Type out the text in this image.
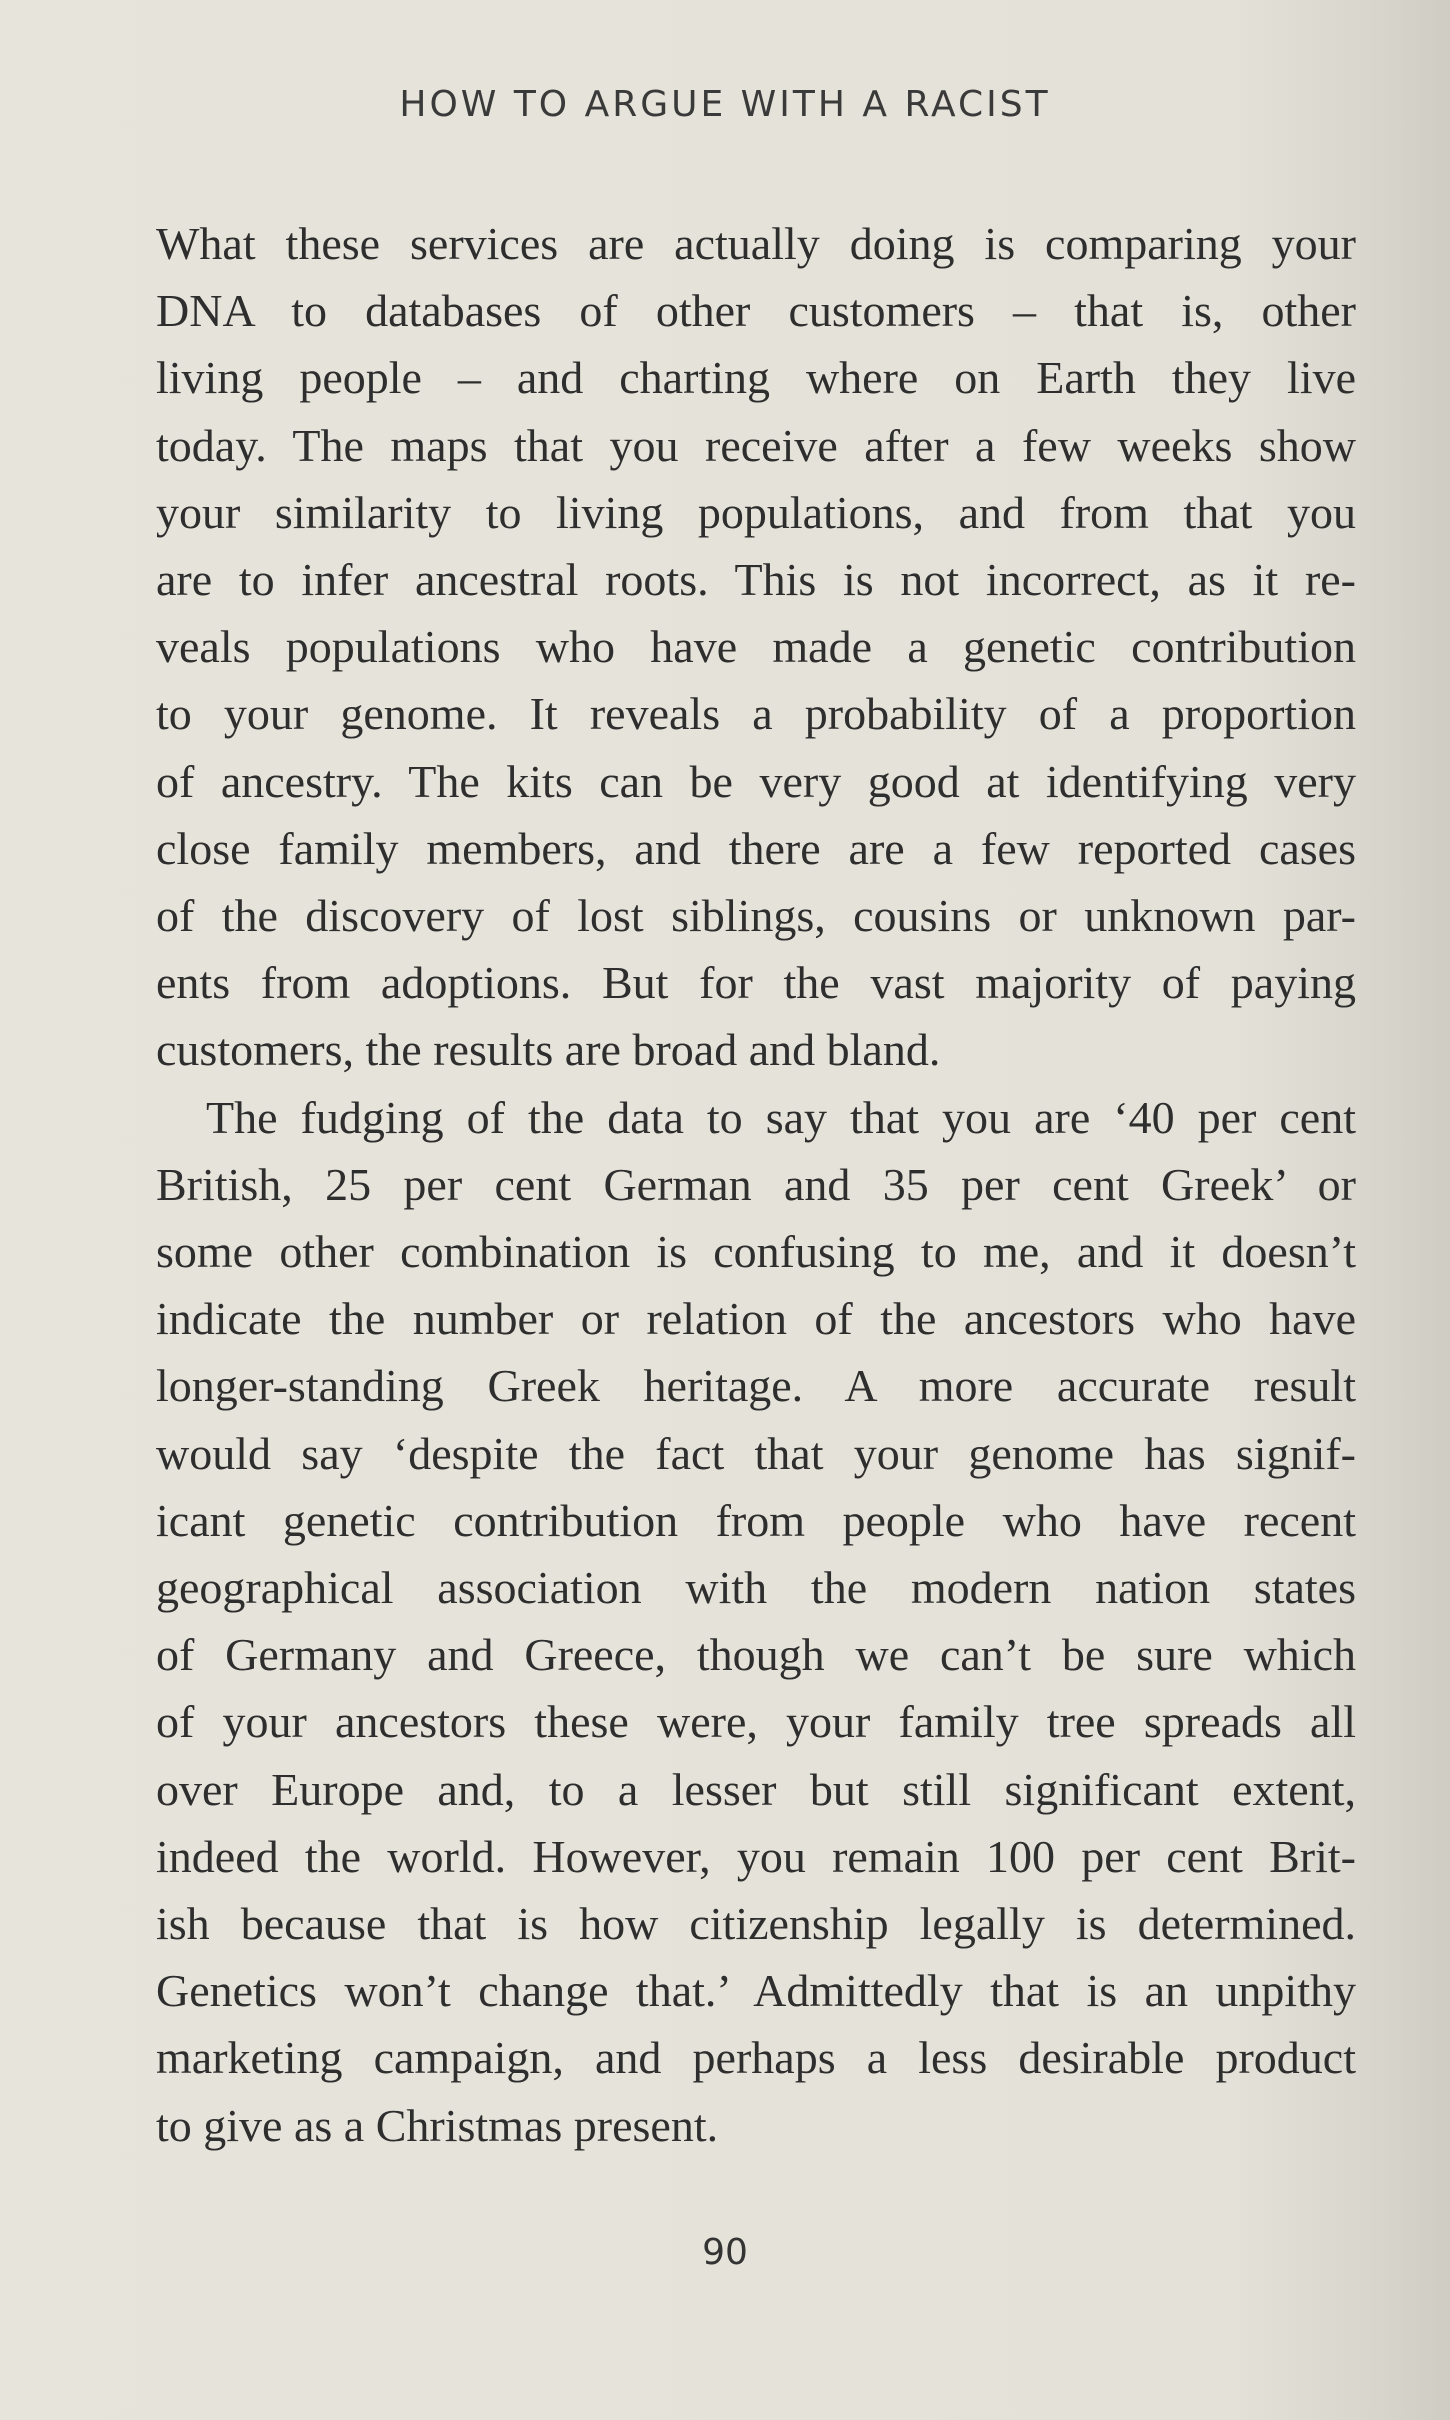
HOW TO ARGUE WITH A RACIST

What these services are actually doing is comparing your
DNA to databases of other customers – that is, other
living people – and charting where on Earth they live
today. The maps that you receive after a few weeks show
your similarity to living populations, and from that you
are to infer ancestral roots. This is not incorrect, as it re-
veals populations who have made a genetic contribution
to your genome. It reveals a probability of a proportion
of ancestry. The kits can be very good at identifying very
close family members, and there are a few reported cases
of the discovery of lost siblings, cousins or unknown par-
ents from adoptions. But for the vast majority of paying
customers, the results are broad and bland.

The fudging of the data to say that you are ‘40 per cent
British, 25 per cent German and 35 per cent Greek’ or
some other combination is confusing to me, and it doesn’t
indicate the number or relation of the ancestors who have
longer-standing Greek heritage. A more accurate result
would say ‘despite the fact that your genome has signif-
icant genetic contribution from people who have recent
geographical association with the modern nation states
of Germany and Greece, though we can’t be sure which
of your ancestors these were, your family tree spreads all
over Europe and, to a lesser but still significant extent,
indeed the world. However, you remain 100 per cent Brit-
ish because that is how citizenship legally is determined.
Genetics won’t change that.’ Admittedly that is an unpithy
marketing campaign, and perhaps a less desirable product
to give as a Christmas present.

90
